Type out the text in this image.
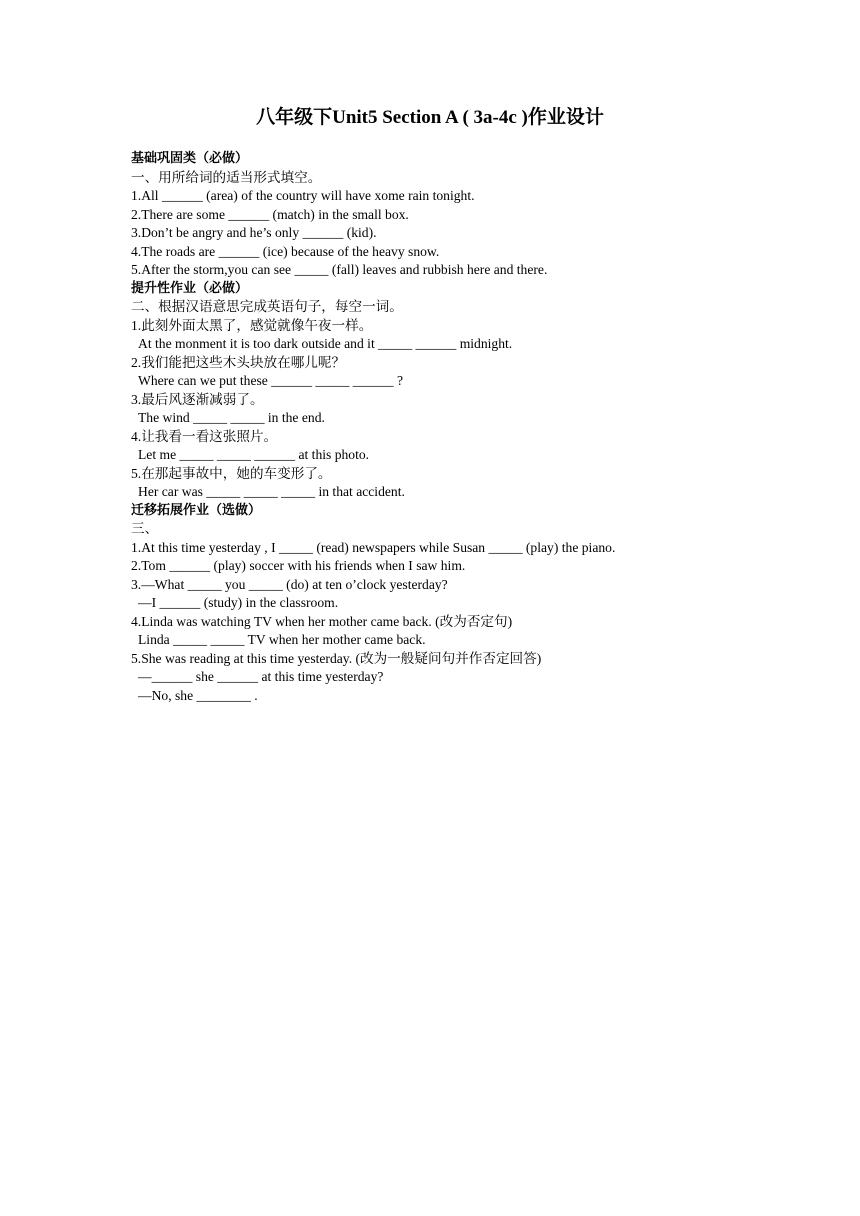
八年级下Unit5 Section A ( 3a-4c )作业设计
基础巩固类（必做）
一、用所给词的适当形式填空。
1.All ______ (area) of the country will have xome rain tonight.
2.There are some ______ (match) in the small box.
3.Don’t be angry and he’s only ______ (kid).
4.The roads are ______ (ice) because of the heavy snow.
5.After the storm,you can see _____ (fall) leaves and rubbish here and there.
提升性作业（必做）
二、根据汉语意思完成英语句子，每空一词。
1.此刻外面太黑了，感觉就像午夜一样。
At the monment it is too dark outside and it _____ ______ midnight.
2.我们能把这些木头块放在哪儿呢？
Where can we put these ______ _____ ______ ?
3.最后风逐渐减弱了。
The wind _____ _____ in the end.
4.让我看一看这张照片。
Let me _____ _____ ______ at this photo.
5.在那起事故中，她的车变形了。
Her car was _____ _____ _____ in that accident.
迁移拓展作业（选做）
三、
1.At this time yesterday , I _____ (read) newspapers while Susan _____ (play) the piano.
2.Tom ______ (play) soccer with his friends when I saw him.
3.—What _____ you _____ (do) at ten o’clock yesterday?
—I ______ (study) in the classroom.
4.Linda was watching TV when her mother came back. (改为否定句)
Linda _____ _____ TV when her mother came back.
5.She was reading at this time yesterday. (改为一般疑问句并作否定回答)
—______ she ______ at this time yesterday?
—No, she ________ .
